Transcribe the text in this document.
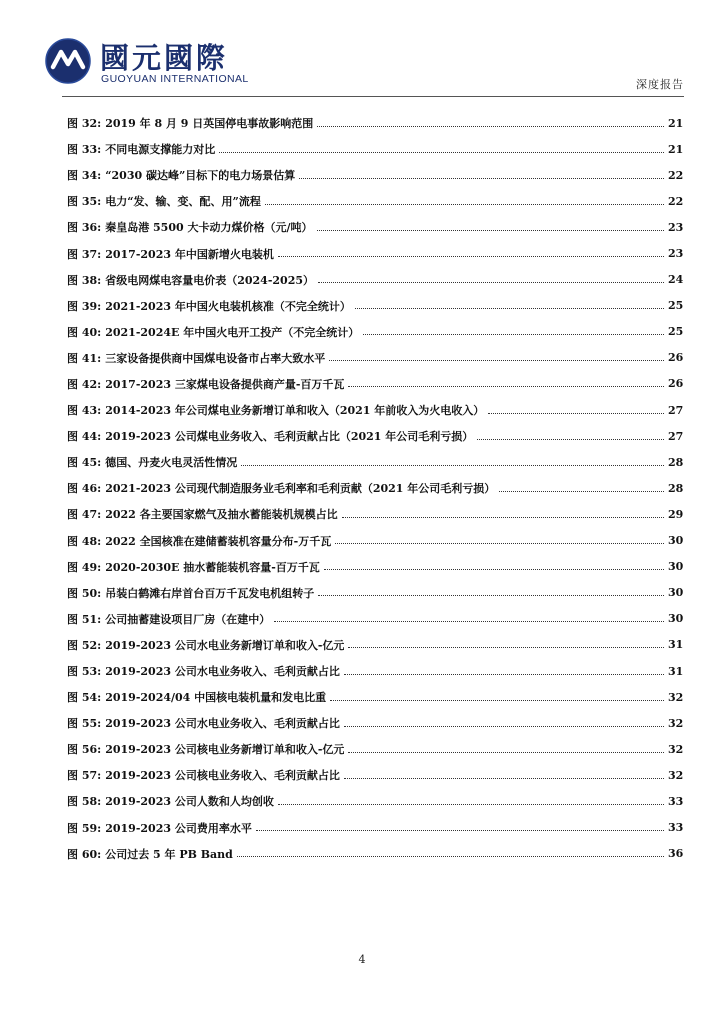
國元國際
GUOYUAN INTERNATIONAL	深度报告
图 32: 2019 年 8 月 9 日英国停电事故影响范围	21
图 33: 不同电源支撑能力对比	21
图 34: “2030 碳达峰”目标下的电力场景估算	22
图 35: 电力“发、输、变、配、用”流程	22
图 36: 秦皇岛港 5500 大卡动力煤价格（元/吨）	23
图 37: 2017-2023 年中国新增火电装机	23
图 38: 省级电网煤电容量电价表（2024-2025）	24
图 39: 2021-2023 年中国火电装机核准（不完全统计）	25
图 40: 2021-2024E 年中国火电开工投产（不完全统计）	25
图 41: 三家设备提供商中国煤电设备市占率大致水平	26
图 42: 2017-2023 三家煤电设备提供商产量-百万千瓦	26
图 43: 2014-2023 年公司煤电业务新增订单和收入（2021 年前收入为火电收入）	27
图 44: 2019-2023 公司煤电业务收入、毛利贡献占比（2021 年公司毛利亏损）	27
图 45: 德国、丹麦火电灵活性情况	28
图 46: 2021-2023 公司现代制造服务业毛利率和毛利贡献（2021 年公司毛利亏损）	28
图 47: 2022 各主要国家燃气及抽水蓄能装机规模占比	29
图 48: 2022 全国核准在建储蓄装机容量分布-万千瓦	30
图 49: 2020-2030E 抽水蓄能装机容量-百万千瓦	30
图 50: 吊装白鹤滩右岸首台百万千瓦发电机组转子	30
图 51: 公司抽蓄建设项目厂房（在建中）	30
图 52: 2019-2023 公司水电业务新增订单和收入-亿元	31
图 53: 2019-2023 公司水电业务收入、毛利贡献占比	31
图 54: 2019-2024/04 中国核电装机量和发电比重	32
图 55: 2019-2023 公司水电业务收入、毛利贡献占比	32
图 56: 2019-2023 公司核电业务新增订单和收入-亿元	32
图 57: 2019-2023 公司核电业务收入、毛利贡献占比	32
图 58: 2019-2023 公司人数和人均创收	33
图 59: 2019-2023 公司费用率水平	33
图 60: 公司过去 5 年 PB Band	36
4
